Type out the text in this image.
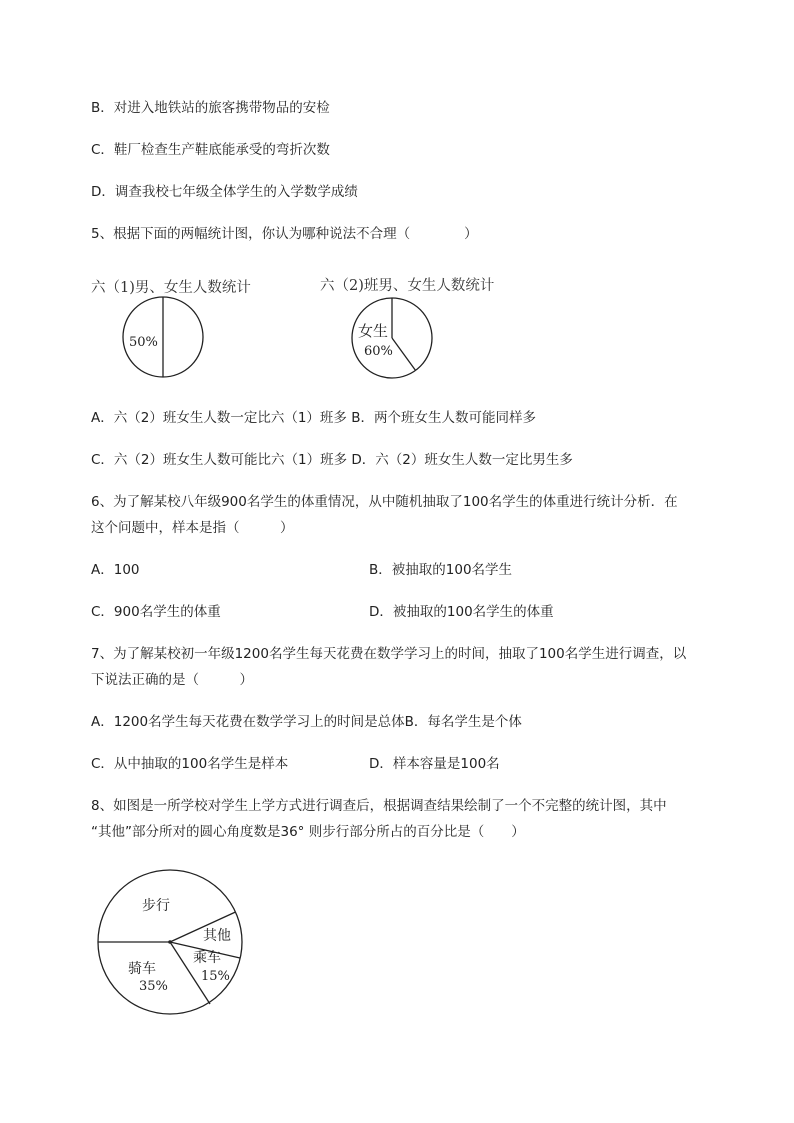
B．对进入地铁站的旅客携带物品的安检
C．鞋厂检查生产鞋底能承受的弯折次数
D．调查我校七年级全体学生的入学数学成绩
5、根据下面的两幅统计图，你认为哪种说法不合理（　　　　）
六（1)男、女生人数统计	六（2)班男、女生人数统计
50%
女生
60%
步行
其他
乘车
15%
骑车
35%
A．六（2）班女生人数一定比六（1）班多 B．两个班女生人数可能同样多
C．六（2）班女生人数可能比六（1）班多 D．六（2）班女生人数一定比男生多
6、为了解某校八年级900名学生的体重情况，从中随机抽取了100名学生的体重进行统计分析．在
这个问题中，样本是指（　　　）
A．100	B．被抽取的100名学生
C．900名学生的体重	D．被抽取的100名学生的体重
7、为了解某校初一年级1200名学生每天花费在数学学习上的时间，抽取了100名学生进行调查，以
下说法正确的是（　　　）
A．1200名学生每天花费在数学学习上的时间是总体B．每名学生是个体
C．从中抽取的100名学生是样本	D．样本容量是100名
8、如图是一所学校对学生上学方式进行调查后，根据调查结果绘制了一个不完整的统计图，其中
“其他”部分所对的圆心角度数是36° 则步行部分所占的百分比是（　　）
